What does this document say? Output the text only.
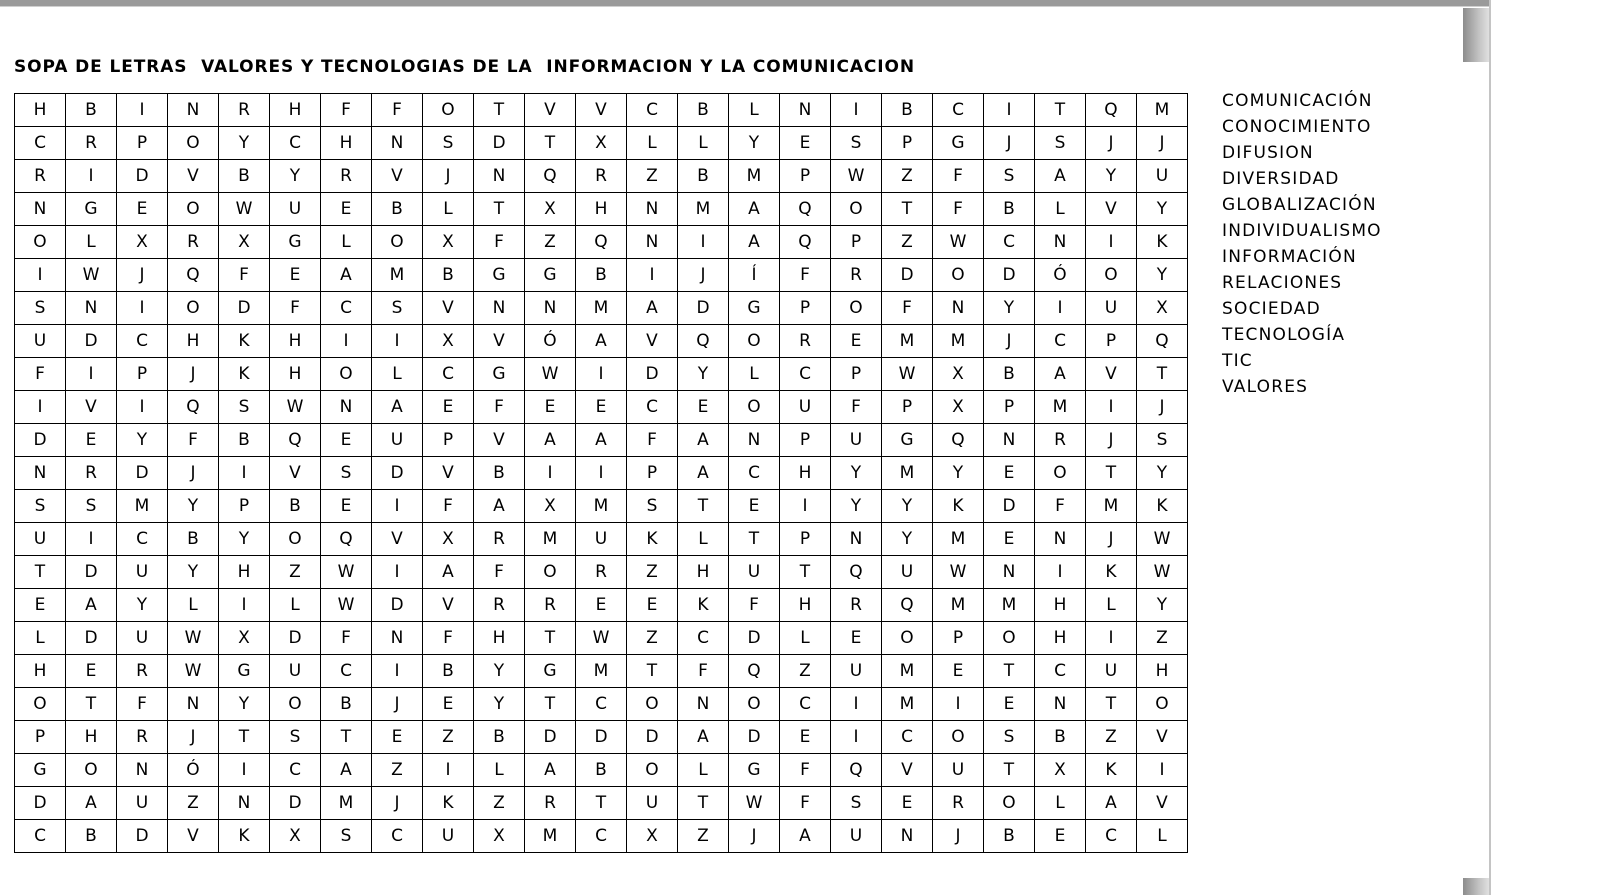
SOPA DE LETRAS  VALORES Y TECNOLOGIAS DE LA  INFORMACION Y LA COMUNICACION
H	B	I	N	R	H	F	F	O	T	V	V	C	B	L	N	I	B	C	I	T	Q	M
C	R	P	O	Y	C	H	N	S	D	T	X	L	L	Y	E	S	P	G	J	S	J	J
R	I	D	V	B	Y	R	V	J	N	Q	R	Z	B	M	P	W	Z	F	S	A	Y	U
N	G	E	O	W	U	E	B	L	T	X	H	N	M	A	Q	O	T	F	B	L	V	Y
O	L	X	R	X	G	L	O	X	F	Z	Q	N	I	A	Q	P	Z	W	C	N	I	K
I	W	J	Q	F	E	A	M	B	G	G	B	I	J	Í	F	R	D	O	D	Ó	O	Y
S	N	I	O	D	F	C	S	V	N	N	M	A	D	G	P	O	F	N	Y	I	U	X
U	D	C	H	K	H	I	I	X	V	Ó	A	V	Q	O	R	E	M	M	J	C	P	Q
F	I	P	J	K	H	O	L	C	G	W	I	D	Y	L	C	P	W	X	B	A	V	T
I	V	I	Q	S	W	N	A	E	F	E	E	C	E	O	U	F	P	X	P	M	I	J
D	E	Y	F	B	Q	E	U	P	V	A	A	F	A	N	P	U	G	Q	N	R	J	S
N	R	D	J	I	V	S	D	V	B	I	I	P	A	C	H	Y	M	Y	E	O	T	Y
S	S	M	Y	P	B	E	I	F	A	X	M	S	T	E	I	Y	Y	K	D	F	M	K
U	I	C	B	Y	O	Q	V	X	R	M	U	K	L	T	P	N	Y	M	E	N	J	W
T	D	U	Y	H	Z	W	I	A	F	O	R	Z	H	U	T	Q	U	W	N	I	K	W
E	A	Y	L	I	L	W	D	V	R	R	E	E	K	F	H	R	Q	M	M	H	L	Y
L	D	U	W	X	D	F	N	F	H	T	W	Z	C	D	L	E	O	P	O	H	I	Z
H	E	R	W	G	U	C	I	B	Y	G	M	T	F	Q	Z	U	M	E	T	C	U	H
O	T	F	N	Y	O	B	J	E	Y	T	C	O	N	O	C	I	M	I	E	N	T	O
P	H	R	J	T	S	T	E	Z	B	D	D	D	A	D	E	I	C	O	S	B	Z	V
G	O	N	Ó	I	C	A	Z	I	L	A	B	O	L	G	F	Q	V	U	T	X	K	I
D	A	U	Z	N	D	M	J	K	Z	R	T	U	T	W	F	S	E	R	O	L	A	V
C	B	D	V	K	X	S	C	U	X	M	C	X	Z	J	A	U	N	J	B	E	C	L
COMUNICACIÓN
CONOCIMIENTO
DIFUSION
DIVERSIDAD
GLOBALIZACIÓN
INDIVIDUALISMO
INFORMACIÓN
RELACIONES
SOCIEDAD
TECNOLOGÍA
TIC
VALORES
